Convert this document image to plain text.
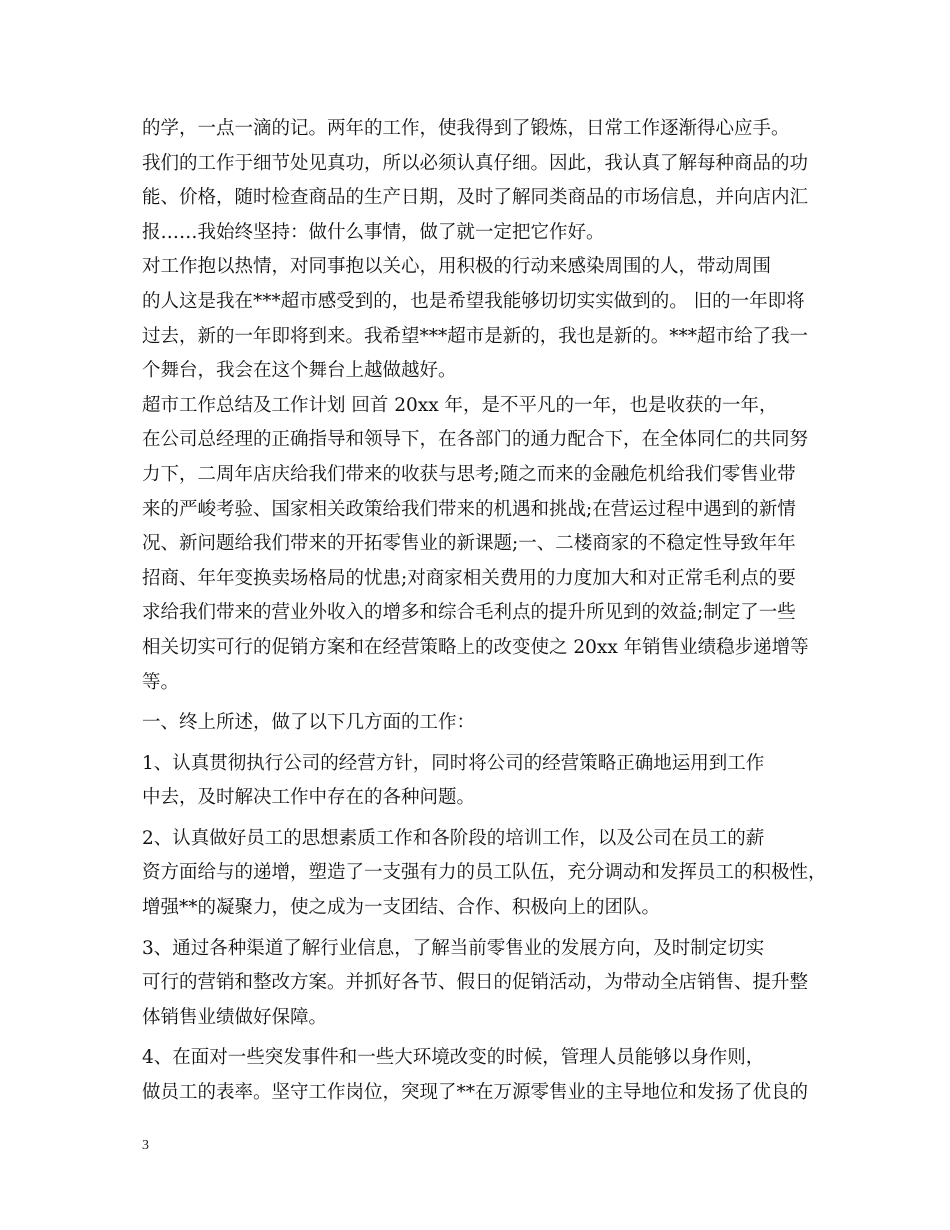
的学，一点一滴的记。两年的工作，使我得到了锻炼，日常工作逐渐得心应手。
我们的工作于细节处见真功，所以必须认真仔细。因此，我认真了解每种商品的功
能、价格，随时检查商品的生产日期，及时了解同类商品的市场信息，并向店内汇
报……我始终坚持：做什么事情，做了就一定把它作好。
对工作抱以热情，对同事抱以关心，用积极的行动来感染周围的人，带动周围
的人这是我在***超市感受到的，也是希望我能够切切实实做到的。 旧的一年即将
过去，新的一年即将到来。我希望***超市是新的，我也是新的。***超市给了我一
个舞台，我会在这个舞台上越做越好。
超市工作总结及工作计划 回首 20xx 年，是不平凡的一年，也是收获的一年，
在公司总经理的正确指导和领导下，在各部门的通力配合下，在全体同仁的共同努
力下，二周年店庆给我们带来的收获与思考;随之而来的金融危机给我们零售业带
来的严峻考验、国家相关政策给我们带来的机遇和挑战;在营运过程中遇到的新情
况、新问题给我们带来的开拓零售业的新课题;一、二楼商家的不稳定性导致年年
招商、年年变换卖场格局的忧患;对商家相关费用的力度加大和对正常毛利点的要
求给我们带来的营业外收入的增多和综合毛利点的提升所见到的效益;制定了一些
相关切实可行的促销方案和在经营策略上的改变使之 20xx 年销售业绩稳步递增等
等。
一、终上所述，做了以下几方面的工作：
1、认真贯彻执行公司的经营方针，同时将公司的经营策略正确地运用到工作
中去，及时解决工作中存在的各种问题。
2、认真做好员工的思想素质工作和各阶段的培训工作，以及公司在员工的薪
资方面给与的递增，塑造了一支强有力的员工队伍，充分调动和发挥员工的积极性，
增强**的凝聚力，使之成为一支团结、合作、积极向上的团队。
3、通过各种渠道了解行业信息，了解当前零售业的发展方向，及时制定切实
可行的营销和整改方案。并抓好各节、假日的促销活动，为带动全店销售、提升整
体销售业绩做好保障。
4、在面对一些突发事件和一些大环境改变的时候，管理人员能够以身作则，
做员工的表率。坚守工作岗位，突现了**在万源零售业的主导地位和发扬了优良的
3
